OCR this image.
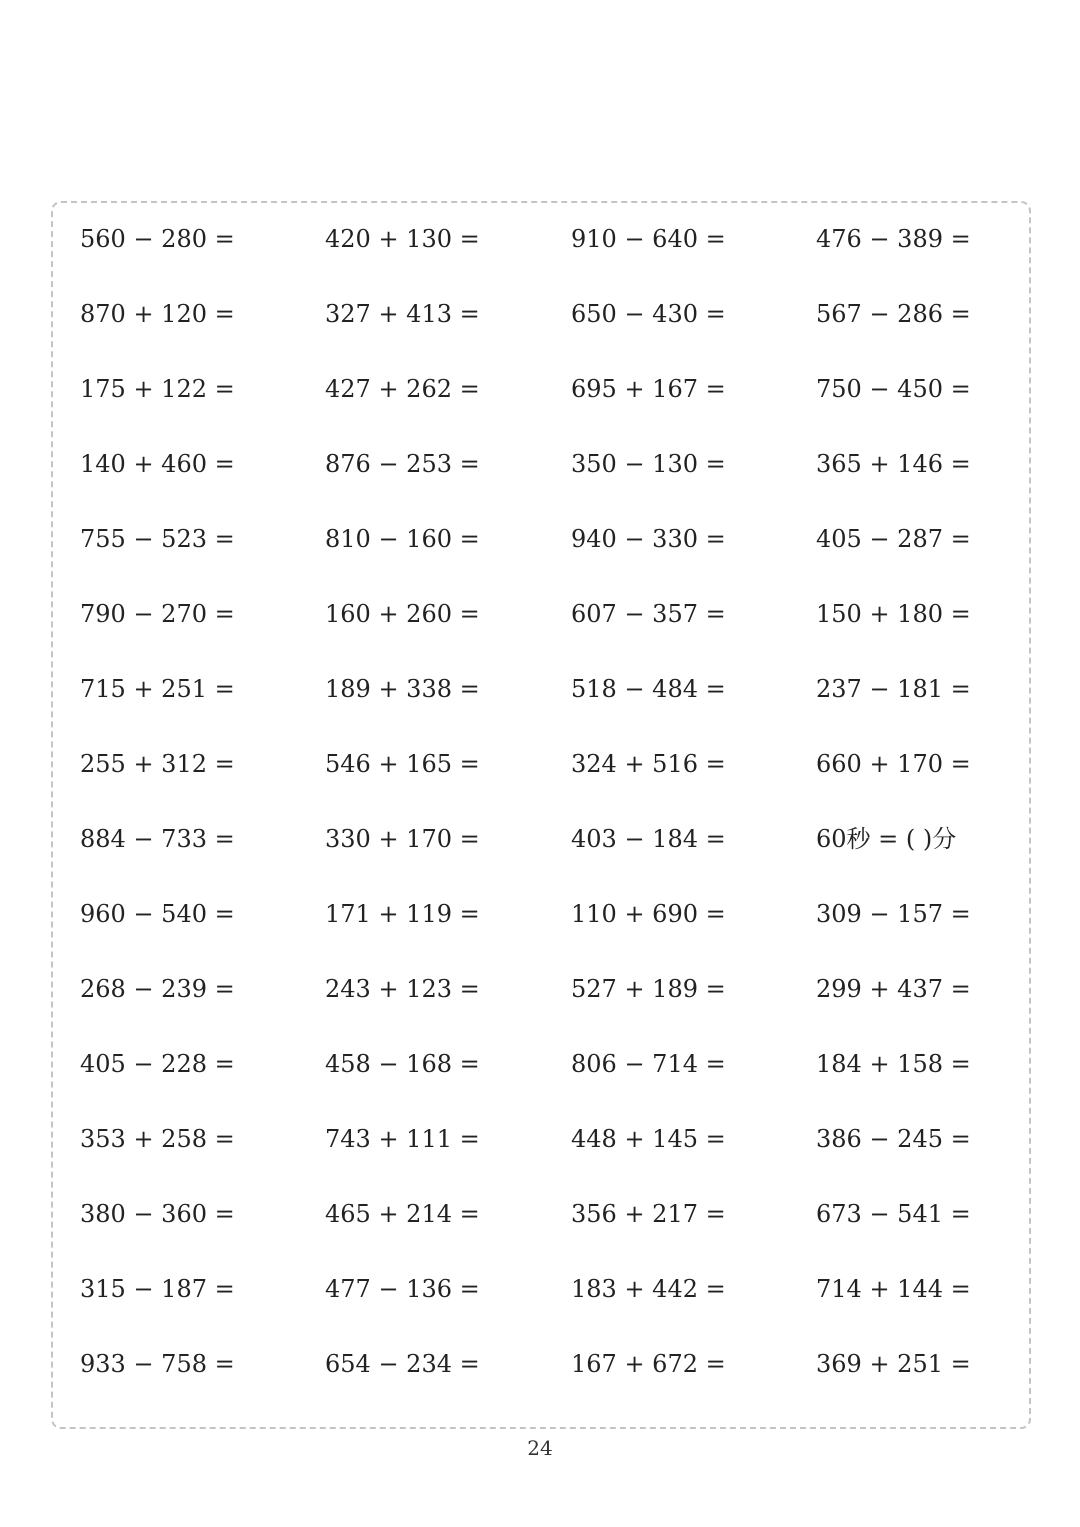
560 − 280 =	420 + 130 =	910 − 640 =	476 − 389 =
870 + 120 =	327 + 413 =	650 − 430 =	567 − 286 =
175 + 122 =	427 + 262 =	695 + 167 =	750 − 450 =
140 + 460 =	876 − 253 =	350 − 130 =	365 + 146 =
755 − 523 =	810 − 160 =	940 − 330 =	405 − 287 =
790 − 270 =	160 + 260 =	607 − 357 =	150 + 180 =
715 + 251 =	189 + 338 =	518 − 484 =	237 − 181 =
255 + 312 =	546 + 165 =	324 + 516 =	660 + 170 =
884 − 733 =	330 + 170 =	403 − 184 =	60秒 = ( )分
960 − 540 =	171 + 119 =	110 + 690 =	309 − 157 =
268 − 239 =	243 + 123 =	527 + 189 =	299 + 437 =
405 − 228 =	458 − 168 =	806 − 714 =	184 + 158 =
353 + 258 =	743 + 111 =	448 + 145 =	386 − 245 =
380 − 360 =	465 + 214 =	356 + 217 =	673 − 541 =
315 − 187 =	477 − 136 =	183 + 442 =	714 + 144 =
933 − 758 =	654 − 234 =	167 + 672 =	369 + 251 =
24
